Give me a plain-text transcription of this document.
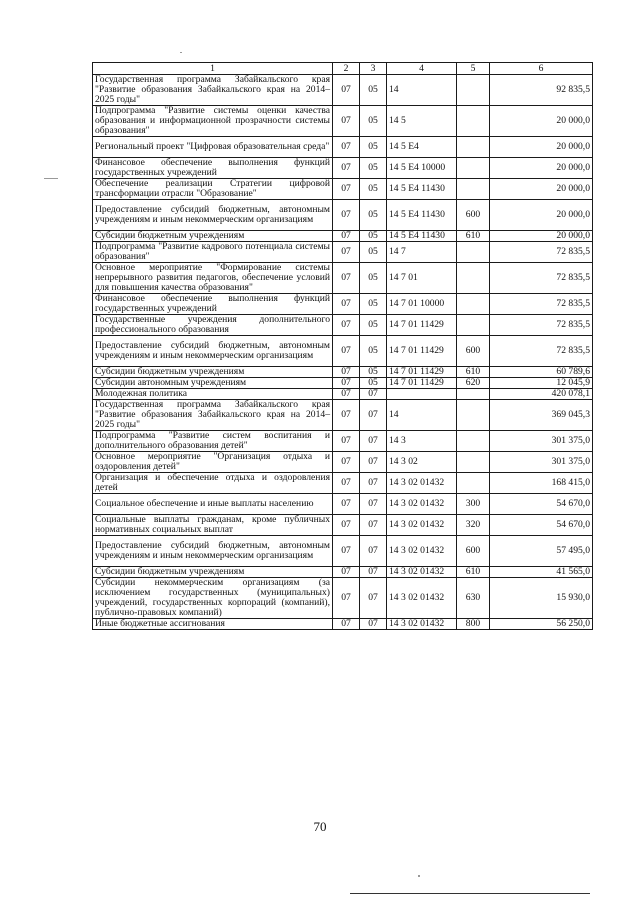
1	2	3	4	5	6
Государственная программа Забайкальского края "Развитие образования Забайкальского края на 2014–2025 годы"	07	05	14		92 835,5
Подпрограмма "Развитие системы оценки качества образования и информационной прозрачности системы образования"	07	05	14 5		20 000,0
Региональный проект "Цифровая образовательная среда"	07	05	14 5 E4		20 000,0
Финансовое обеспечение выполнения функций государственных учреждений	07	05	14 5 E4 10000		20 000,0
Обеспечение реализации Стратегии цифровой трансформации отрасли "Образование"	07	05	14 5 E4 11430		20 000,0
Предоставление субсидий бюджетным, автономным учреждениям и иным некоммерческим организациям	07	05	14 5 E4 11430	600	20 000,0
Субсидии бюджетным учреждениям	07	05	14 5 E4 11430	610	20 000,0
Подпрограмма "Развитие кадрового потенциала системы образования"	07	05	14 7		72 835,5
Основное мероприятие "Формирование системы непрерывного развития педагогов, обеспечение условий для повышения качества образования"	07	05	14 7 01		72 835,5
Финансовое обеспечение выполнения функций государственных учреждений	07	05	14 7 01 10000		72 835,5
Государственные учреждения дополнительного профессионального образования	07	05	14 7 01 11429		72 835,5
Предоставление субсидий бюджетным, автономным учреждениям и иным некоммерческим организациям	07	05	14 7 01 11429	600	72 835,5
Субсидии бюджетным учреждениям	07	05	14 7 01 11429	610	60 789,6
Субсидии автономным учреждениям	07	05	14 7 01 11429	620	12 045,9
Молодежная политика	07	07			420 078,1
Государственная программа Забайкальского края "Развитие образования Забайкальского края на 2014–2025 годы"	07	07	14		369 045,3
Подпрограмма "Развитие систем воспитания и дополнительного образования детей"	07	07	14 3		301 375,0
Основное мероприятие "Организация отдыха и оздоровления детей"	07	07	14 3 02		301 375,0
Организация и обеспечение отдыха и оздоровления детей	07	07	14 3 02 01432		168 415,0
Социальное обеспечение и иные выплаты населению	07	07	14 3 02 01432	300	54 670,0
Социальные выплаты гражданам, кроме публичных нормативных социальных выплат	07	07	14 3 02 01432	320	54 670,0
Предоставление субсидий бюджетным, автономным учреждениям и иным некоммерческим организациям	07	07	14 3 02 01432	600	57 495,0
Субсидии бюджетным учреждениям	07	07	14 3 02 01432	610	41 565,0
Субсидии некоммерческим организациям (за исключением государственных (муниципальных) учреждений, государственных корпораций (компаний), публично-правовых компаний)	07	07	14 3 02 01432	630	15 930,0
Иные бюджетные ассигнования	07	07	14 3 02 01432	800	56 250,0
70
